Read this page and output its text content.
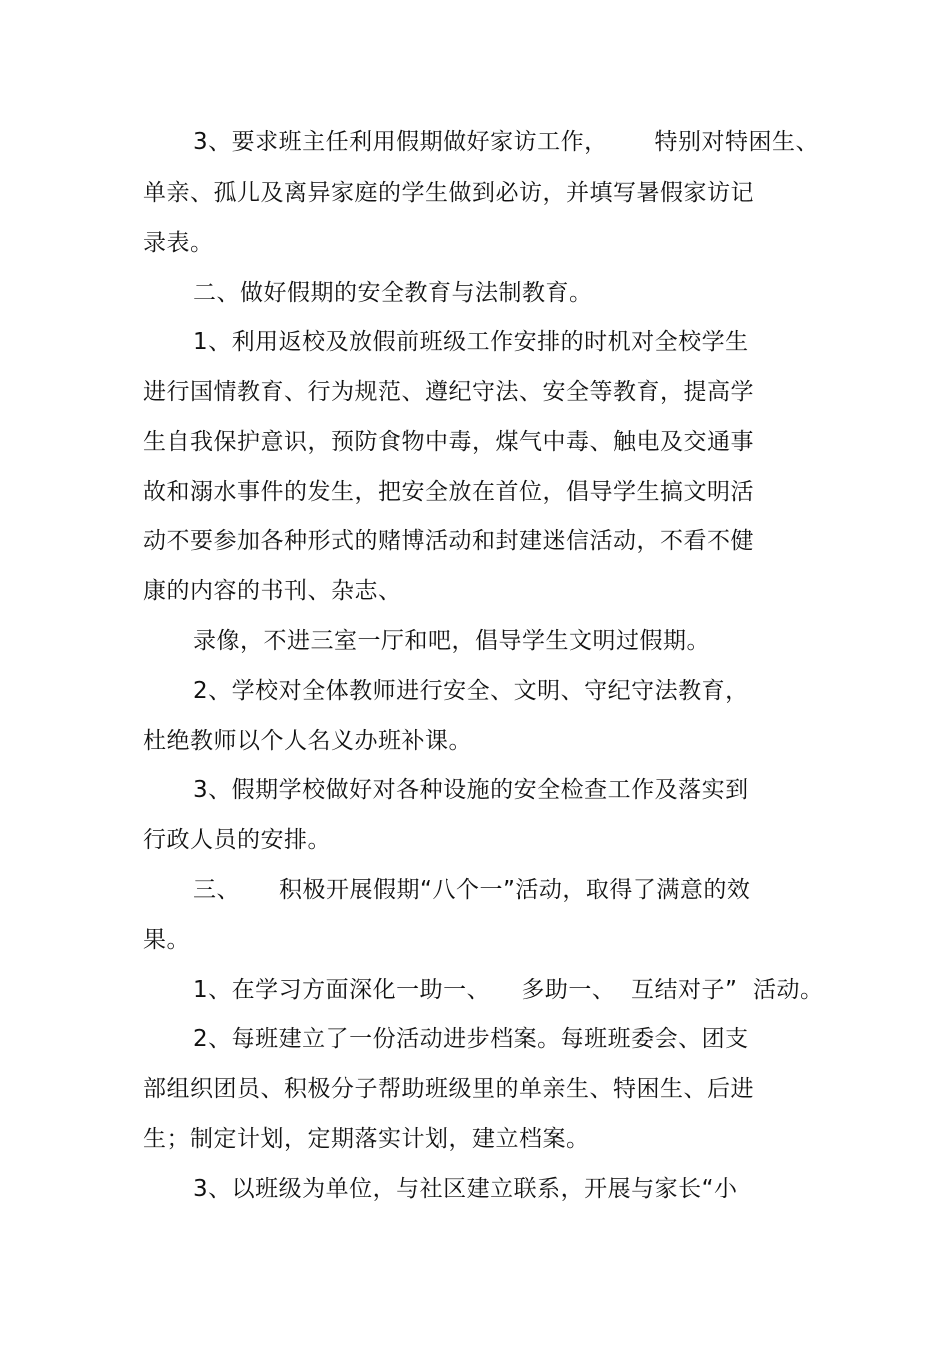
3、要求班主任利用假期做好家访工作，      特别对特困生、
单亲、孤儿及离异家庭的学生做到必访，并填写暑假家访记
录表。
二、做好假期的安全教育与法制教育。
1、利用返校及放假前班级工作安排的时机对全校学生
进行国情教育、行为规范、遵纪守法、安全等教育，提高学
生自我保护意识，预防食物中毒，煤气中毒、触电及交通事
故和溺水事件的发生，把安全放在首位，倡导学生搞文明活
动不要参加各种形式的赌博活动和封建迷信活动，不看不健
康的内容的书刊、杂志、
录像，不进三室一厅和吧，倡导学生文明过假期。
2、学校对全体教师进行安全、文明、守纪守法教育，
杜绝教师以个人名义办班补课。
3、假期学校做好对各种设施的安全检查工作及落实到
行政人员的安排。
三、     积极开展假期“八个一”活动，取得了满意的效
果。
1、在学习方面深化一助一、    多助一、  互结对子”  活动。
2、每班建立了一份活动进步档案。每班班委会、团支
部组织团员、积极分子帮助班级里的单亲生、特困生、后进
生；制定计划，定期落实计划，建立档案。
3、以班级为单位，与社区建立联系，开展与家长“小
